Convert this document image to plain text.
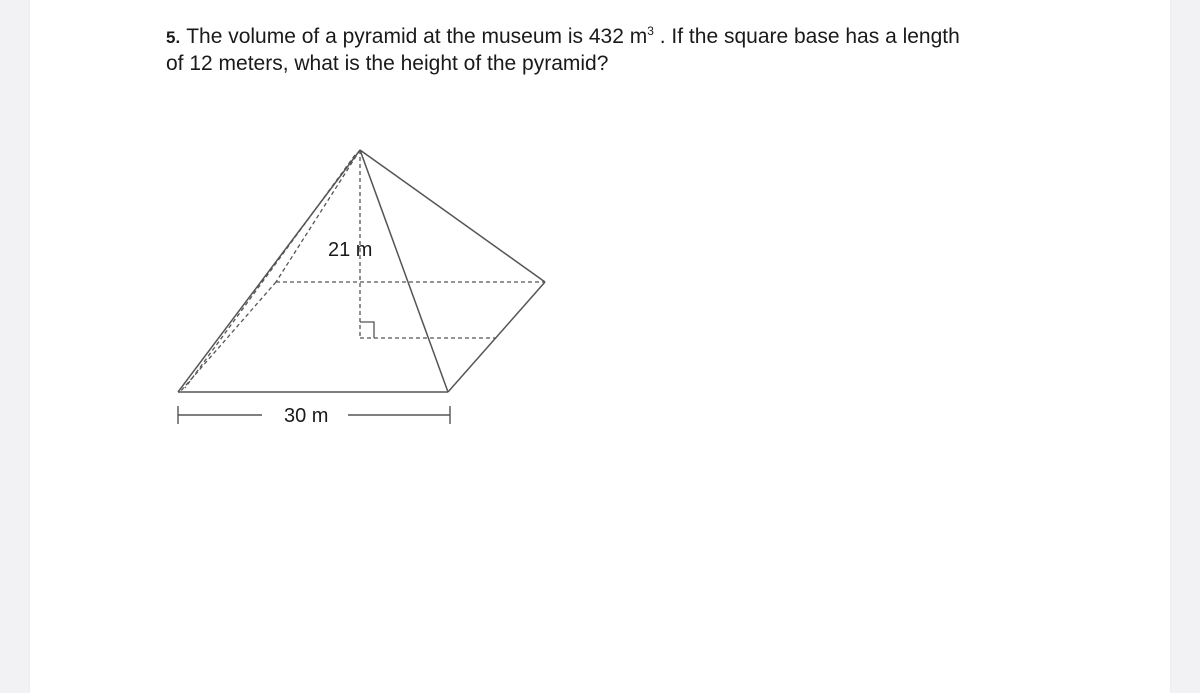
5. The volume of a pyramid at the museum is 432 $m^3$ . If the square base has a length
of 12 meters, what is the height of the pyramid?
21 m
30 m
